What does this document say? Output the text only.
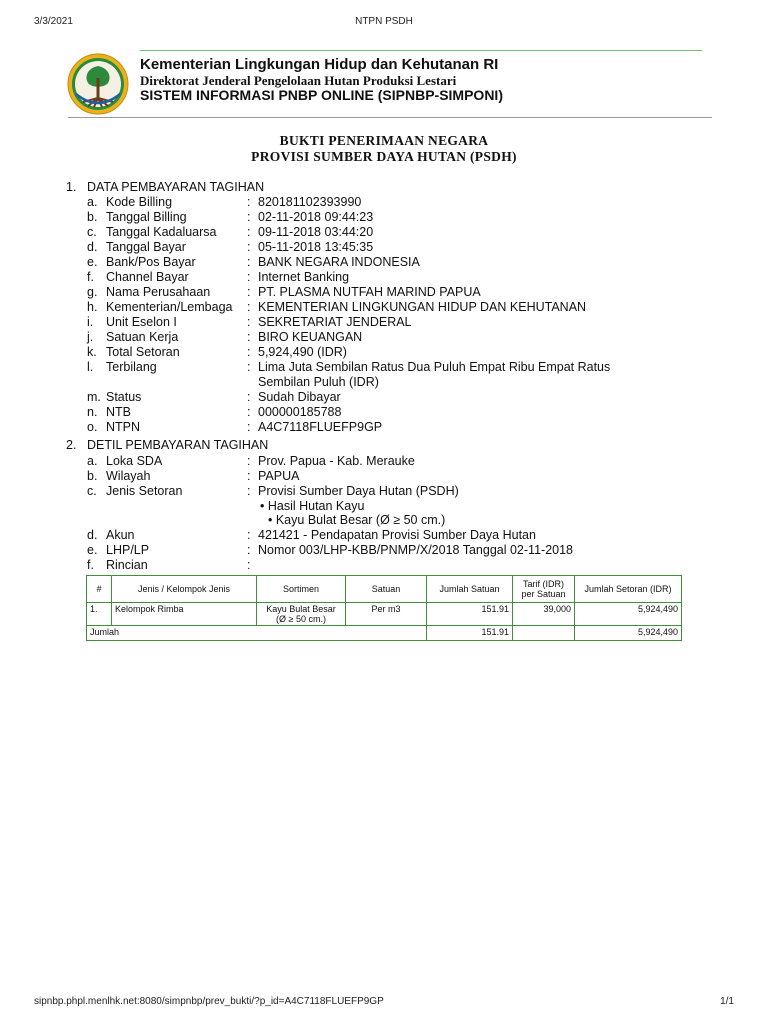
3/3/2021	NTPN PSDH
Kementerian Lingkungan Hidup dan Kehutanan RI
Direktorat Jenderal Pengelolaan Hutan Produksi Lestari
SISTEM INFORMASI PNBP ONLINE (SIPNBP-SIMPONI)
BUKTI PENERIMAAN NEGARA
PROVISI SUMBER DAYA HUTAN (PSDH)
1. DATA PEMBAYARAN TAGIHAN
a. Kode Billing	: 820181102393990
b. Tanggal Billing	: 02-11-2018 09:44:23
c. Tanggal Kadaluarsa : 09-11-2018 03:44:20
d. Tanggal Bayar	: 05-11-2018 13:45:35
e. Bank/Pos Bayar	: BANK NEGARA INDONESIA
f. Channel Bayar	: Internet Banking
g. Nama Perusahaan	: PT. PLASMA NUTFAH MARIND PAPUA
h. Kementerian/Lembaga : KEMENTERIAN LINGKUNGAN HIDUP DAN KEHUTANAN
i. Unit Eselon I	: SEKRETARIAT JENDERAL
j. Satuan Kerja	: BIRO KEUANGAN
k. Total Setoran	: 5,924,490 (IDR)
l. Terbilang	: Lima Juta Sembilan Ratus Dua Puluh Empat Ribu Empat Ratus Sembilan Puluh (IDR)
m. Status	: Sudah Dibayar
n. NTB	: 000000185788
o. NTPN	: A4C7118FLUEFP9GP
2. DETIL PEMBAYARAN TAGIHAN
a. Loka SDA	: Prov. Papua - Kab. Merauke
b. Wilayah	: PAPUA
c. Jenis Setoran	: Provisi Sumber Daya Hutan (PSDH)
• Hasil Hutan Kayu
• Kayu Bulat Besar (Ø ≥ 50 cm.)
d. Akun	: 421421 - Pendapatan Provisi Sumber Daya Hutan
e. LHP/LP	: Nomor 003/LHP-KBB/PNMP/X/2018 Tanggal 02-11-2018
f. Rincian	:
#	Jenis / Kelompok Jenis	Sortimen	Satuan	Jumlah Satuan	Tarif (IDR) per Satuan	Jumlah Setoran (IDR)
1.	Kelompok Rimba	Kayu Bulat Besar (Ø ≥ 50 cm.)	Per m3	151.91	39,000	5,924,490
Jumlah				151.91		5,924,490
sipnbp.phpl.menlhk.net:8080/simpnbp/prev_bukti/?p_id=A4C7118FLUEFP9GP	1/1
